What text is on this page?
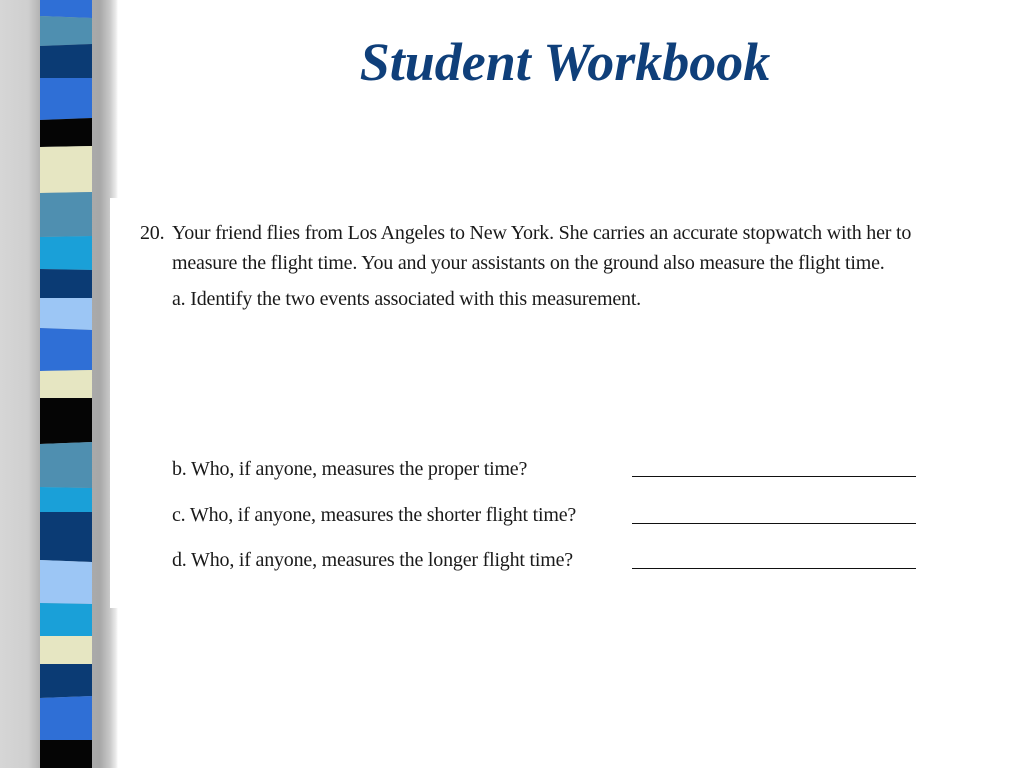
Student Workbook
20. Your friend flies from Los Angeles to New York. She carries an accurate stopwatch with her to
measure the flight time. You and your assistants on the ground also measure the flight time.
a. Identify the two events associated with this measurement.
b. Who, if anyone, measures the proper time?
c. Who, if anyone, measures the shorter flight time?
d. Who, if anyone, measures the longer flight time?
